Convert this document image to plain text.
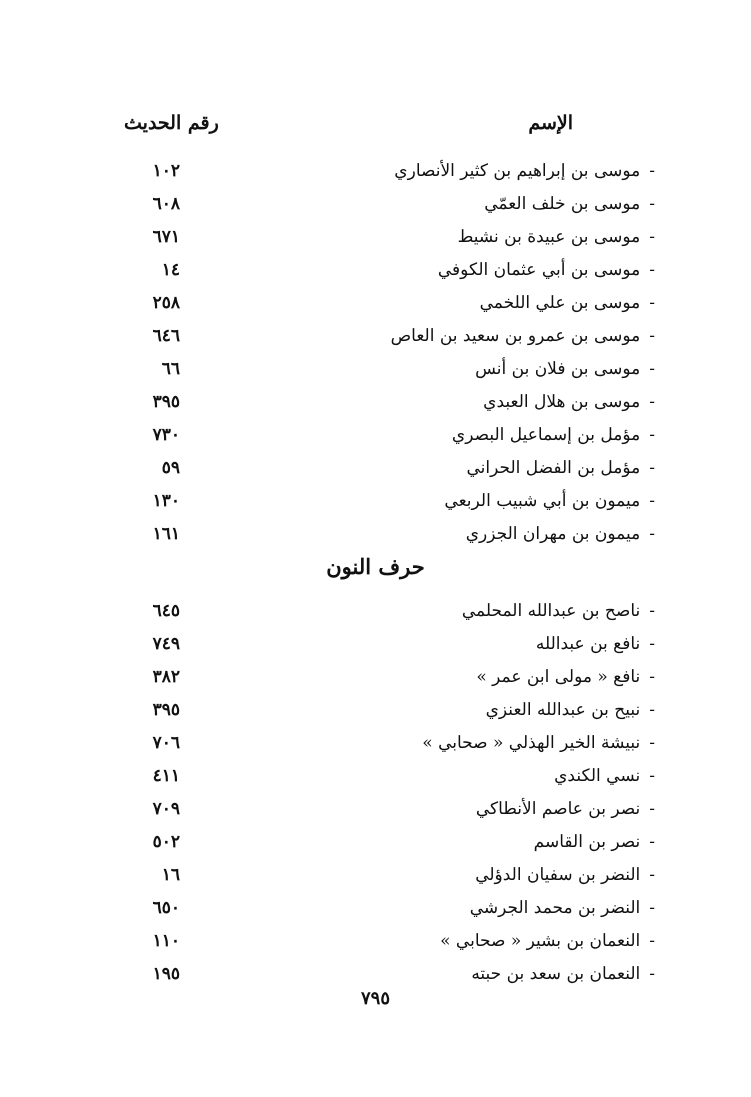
الإسم
رقم الحديث
-موسى بن إبراهيم بن كثير الأنصاري
١٠٢
-موسى بن خلف العمّي
٦٠٨
-موسى بن عبيدة بن نشيط
٦٧١
-موسى بن أبي عثمان الكوفي
١٤
-موسى بن علي اللخمي
٢٥٨
-موسى بن عمرو بن سعيد بن العاص
٦٤٦
-موسى بن فلان بن أنس
٦٦
-موسى بن هلال العبدي
٣٩٥
-مؤمل بن إسماعيل البصري
٧٣٠
-مؤمل بن الفضل الحراني
٥٩
-ميمون بن أبي شبيب الربعي
١٣٠
-ميمون بن مهران الجزري
١٦١
حرف النون
-ناصح بن عبدالله المحلمي
٦٤٥
-نافع بن عبدالله
٧٤٩
-نافع « مولى ابن عمر »
٣٨٢
-نبيح بن عبدالله العنزي
٣٩٥
-نبيشة الخير الهذلي « صحابي »
٧٠٦
-نسي الكندي
٤١١
-نصر بن عاصم الأنطاكي
٧٠٩
-نصر بن القاسم
٥٠٢
-النضر بن سفيان الدؤلي
١٦
-النضر بن محمد الجرشي
٦٥٠
-النعمان بن بشير « صحابي »
١١٠
-النعمان بن سعد بن حبته
١٩٥
٧٩٥
